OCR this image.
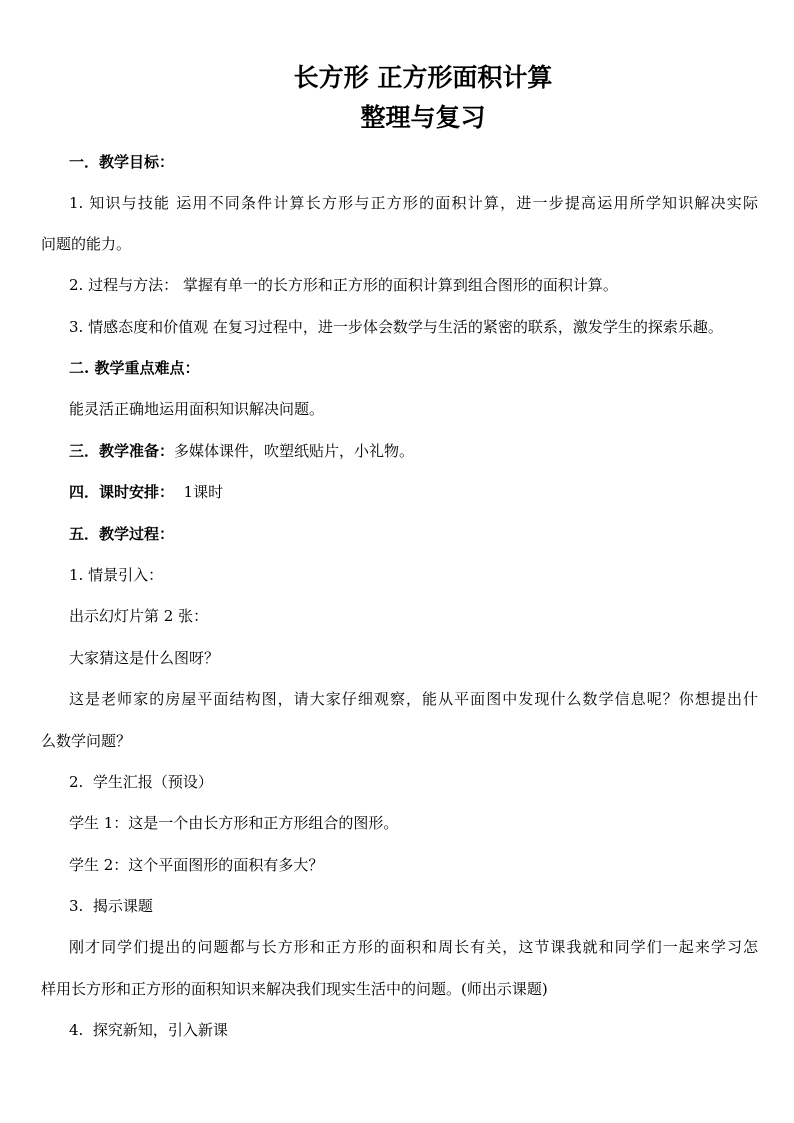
长方形 正方形面积计算
整理与复习
一．教学目标：
1. 知识与技能 运用不同条件计算长方形与正方形的面积计算，进一步提高运用所学知识解决实际
问题的能力。
2. 过程与方法： 掌握有单一的长方形和正方形的面积计算到组合图形的面积计算。
3. 情感态度和价值观 在复习过程中，进一步体会数学与生活的紧密的联系，激发学生的探索乐趣。
二. 教学重点难点：
能灵活正确地运用面积知识解决问题。
三．教学准备：多媒体课件，吹塑纸贴片，小礼物。
四．课时安排：  1课时
五．教学过程：
1. 情景引入：
出示幻灯片第 2 张：
大家猜这是什么图呀？
这是老师家的房屋平面结构图，请大家仔细观察，能从平面图中发现什么数学信息呢？你想提出什
么数学问题？
2.  学生汇报（预设）
学生 1：这是一个由长方形和正方形组合的图形。
学生 2：这个平面图形的面积有多大？
3.  揭示课题
刚才同学们提出的问题都与长方形和正方形的面积和周长有关，这节课我就和同学们一起来学习怎
样用长方形和正方形的面积知识来解决我们现实生活中的问题。(师出示课题)
4.  探究新知，引入新课
